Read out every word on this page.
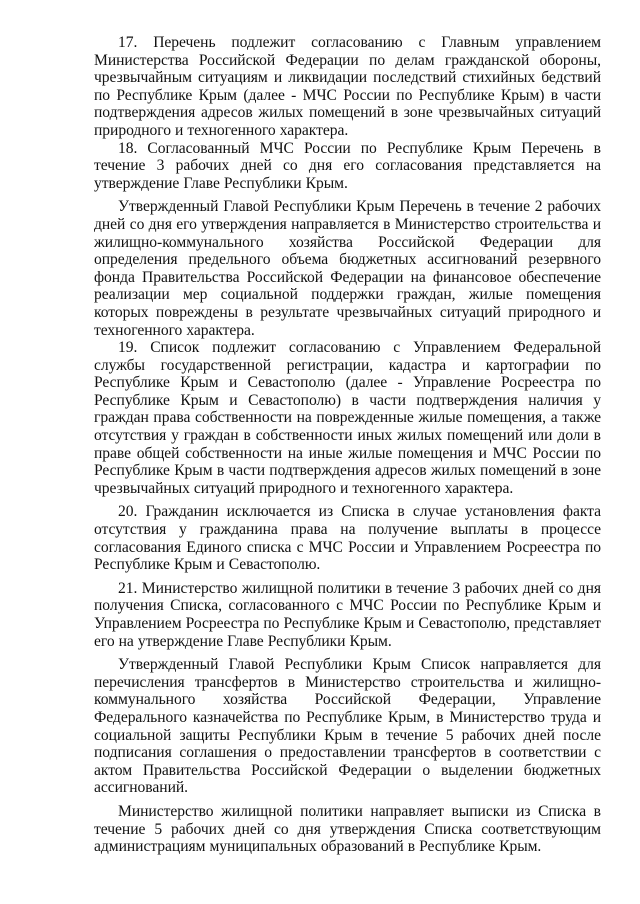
17. Перечень подлежит согласованию с Главным управлением Министерства Российской Федерации по делам гражданской обороны, чрезвычайным ситуациям и ликвидации последствий стихийных бедствий по Республике Крым (далее - МЧС России по Республике Крым) в части подтверждения адресов жилых помещений в зоне чрезвычайных ситуаций природного и техногенного характера.

18. Согласованный МЧС России по Республике Крым Перечень в течение 3 рабочих дней со дня его согласования представляется на утверждение Главе Республики Крым.

Утвержденный Главой Республики Крым Перечень в течение 2 рабочих дней со дня его утверждения направляется в Министерство строительства и жилищно-коммунального хозяйства Российской Федерации для определения предельного объема бюджетных ассигнований резервного фонда Правительства Российской Федерации на финансовое обеспечение реализации мер социальной поддержки граждан, жилые помещения которых повреждены в результате чрезвычайных ситуаций природного и техногенного характера.

19. Список подлежит согласованию с Управлением Федеральной службы государственной регистрации, кадастра и картографии по Республике Крым и Севастополю (далее - Управление Росреестра по Республике Крым и Севастополю) в части подтверждения наличия у граждан права собственности на поврежденные жилые помещения, а также отсутствия у граждан в собственности иных жилых помещений или доли в праве общей собственности на иные жилые помещения и МЧС России по Республике Крым в части подтверждения адресов жилых помещений в зоне чрезвычайных ситуаций природного и техногенного характера.

20. Гражданин исключается из Списка в случае установления факта отсутствия у гражданина права на получение выплаты в процессе согласования Единого списка с МЧС России и Управлением Росреестра по Республике Крым и Севастополю.

21. Министерство жилищной политики в течение 3 рабочих дней со дня получения Списка, согласованного с МЧС России по Республике Крым и Управлением Росреестра по Республике Крым и Севастополю, представляет его на утверждение Главе Республики Крым.

Утвержденный Главой Республики Крым Список направляется для перечисления трансфертов в Министерство строительства и жилищно-коммунального хозяйства Российской Федерации, Управление Федерального казначейства по Республике Крым, в Министерство труда и социальной защиты Республики Крым в течение 5 рабочих дней после подписания соглашения о предоставлении трансфертов в соответствии с актом Правительства Российской Федерации о выделении бюджетных ассигнований.

Министерство жилищной политики направляет выписки из Списка в течение 5 рабочих дней со дня утверждения Списка соответствующим администрациям муниципальных образований в Республике Крым.
